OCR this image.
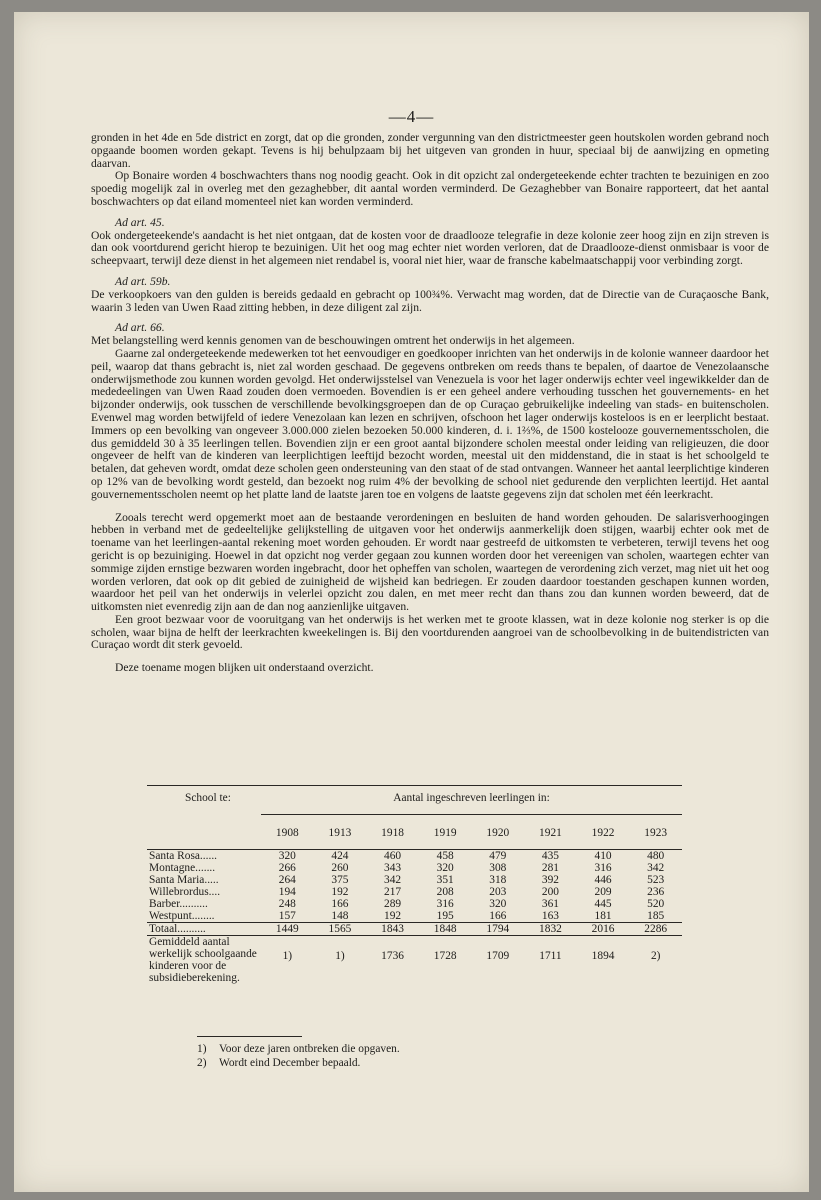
—4—

gronden in het 4de en 5de district en zorgt, dat op die gronden, zonder vergunning van den districtmeester geen houtskolen worden gebrand noch opgaande boomen worden gekapt. Tevens is hij behulpzaam bij het uitgeven van gronden in huur, speciaal bij de aanwijzing en opmeting daarvan.

Op Bonaire worden 4 boschwachters thans nog noodig geacht. Ook in dit opzicht zal ondergeteekende echter trachten te bezuinigen en zoo spoedig mogelijk zal in overleg met den gezaghebber, dit aantal worden verminderd. De Gezaghebber van Bonaire rapporteert, dat het aantal boschwachters op dat eiland momenteel niet kan worden verminderd.

Ad art. 45.

Ook ondergeteekende's aandacht is het niet ontgaan, dat de kosten voor de draadlooze telegrafie in deze kolonie zeer hoog zijn en zijn streven is dan ook voortdurend gericht hierop te bezuinigen. Uit het oog mag echter niet worden verloren, dat de Draadlooze-dienst onmisbaar is voor de scheepvaart, terwijl deze dienst in het algemeen niet rendabel is, vooral niet hier, waar de fransche kabelmaatschappij voor verbinding zorgt.

Ad art. 59b.

De verkoopkoers van den gulden is bereids gedaald en gebracht op 100¾%. Verwacht mag worden, dat de Directie van de Curaçaosche Bank, waarin 3 leden van Uwen Raad zitting hebben, in deze diligent zal zijn.

Ad art. 66.

Met belangstelling werd kennis genomen van de beschouwingen omtrent het onderwijs in het algemeen.

Gaarne zal ondergeteekende medewerken tot het eenvoudiger en goedkooper inrichten van het onderwijs in de kolonie wanneer daardoor het peil, waarop dat thans gebracht is, niet zal worden geschaad. De gegevens ontbreken om reeds thans te bepalen, of daartoe de Venezolaansche onderwijsmethode zou kunnen worden gevolgd. Het onderwijsstelsel van Venezuela is voor het lager onderwijs echter veel ingewikkelder dan de mededeelingen van Uwen Raad zouden doen vermoeden. Bovendien is er een geheel andere verhouding tusschen het gouvernements- en het bijzonder onderwijs, ook tusschen de verschillende bevolkingsgroepen dan de op Curaçao gebruikelijke indeeling van stads- en buitenscholen. Evenwel mag worden betwijfeld of iedere Venezolaan kan lezen en schrijven, ofschoon het lager onderwijs kosteloos is en er leerplicht bestaat. Immers op een bevolking van ongeveer 3.000.000 zielen bezoeken 50.000 kinderen, d. i. 1⅔%, de 1500 kostelooze gouvernementsscholen, die dus gemiddeld 30 à 35 leerlingen tellen. Bovendien zijn er een groot aantal bijzondere scholen meestal onder leiding van religieuzen, die door ongeveer de helft van de kinderen van leerplichtigen leeftijd bezocht worden, meestal uit den middenstand, die in staat is het schoolgeld te betalen, dat geheven wordt, omdat deze scholen geen ondersteuning van den staat of de stad ontvangen. Wanneer het aantal leerplichtige kinderen op 12% van de bevolking wordt gesteld, dan bezoekt nog ruim 4% der bevolking de school niet gedurende den verplichten leertijd. Het aantal gouvernementsscholen neemt op het platte land de laatste jaren toe en volgens de laatste gegevens zijn dat scholen met één leerkracht.

Zooals terecht werd opgemerkt moet aan de bestaande verordeningen en besluiten de hand worden gehouden. De salarisverhoogingen hebben in verband met de gedeeltelijke gelijkstelling de uitgaven voor het onderwijs aanmerkelijk doen stijgen, waarbij echter ook met de toename van het leerlingen-aantal rekening moet worden gehouden. Er wordt naar gestreefd de uitkomsten te verbeteren, terwijl tevens het oog gericht is op bezuiniging. Hoewel in dat opzicht nog verder gegaan zou kunnen worden door het vereenigen van scholen, waartegen echter van sommige zijden ernstige bezwaren worden ingebracht, door het opheffen van scholen, waartegen de verordening zich verzet, mag niet uit het oog worden verloren, dat ook op dit gebied de zuinigheid de wijsheid kan bedriegen. Er zouden daardoor toestanden geschapen kunnen worden, waardoor het peil van het onderwijs in velerlei opzicht zou dalen, en met meer recht dan thans zou dan kunnen worden beweerd, dat de uitkomsten niet evenredig zijn aan de dan nog aanzienlijke uitgaven.

Een groot bezwaar voor de vooruitgang van het onderwijs is het werken met te groote klassen, wat in deze kolonie nog sterker is op die scholen, waar bijna de helft der leerkrachten kweekelingen is. Bij den voortdurenden aangroei van de schoolbevolking in de buitendistricten van Curaçao wordt dit sterk gevoeld.

Deze toename mogen blijken uit onderstaand overzicht.

School te:	Aantal ingeschreven leerlingen in:							
	1908	1913	1918	1919	1920	1921	1922	1923
Santa Rosa......	320	424	460	458	479	435	410	480
Montagne.......	266	260	343	320	308	281	316	342
Santa Maria.....	264	375	342	351	318	392	446	523
Willebrordus....	194	192	217	208	203	200	209	236
Barber..........	248	166	289	316	320	361	445	520
Westpunt........	157	148	192	195	166	163	181	185
Totaal..........	1449	1565	1843	1848	1794	1832	2016	2286
Gemiddeld aantal werkelijk schoolgaande kinderen voor de subsidieberekening.	1)	1)	1736	1728	1709	1711	1894	2)
1) Voor deze jaren ontbreken die opgaven.
2) Wordt eind December bepaald.
